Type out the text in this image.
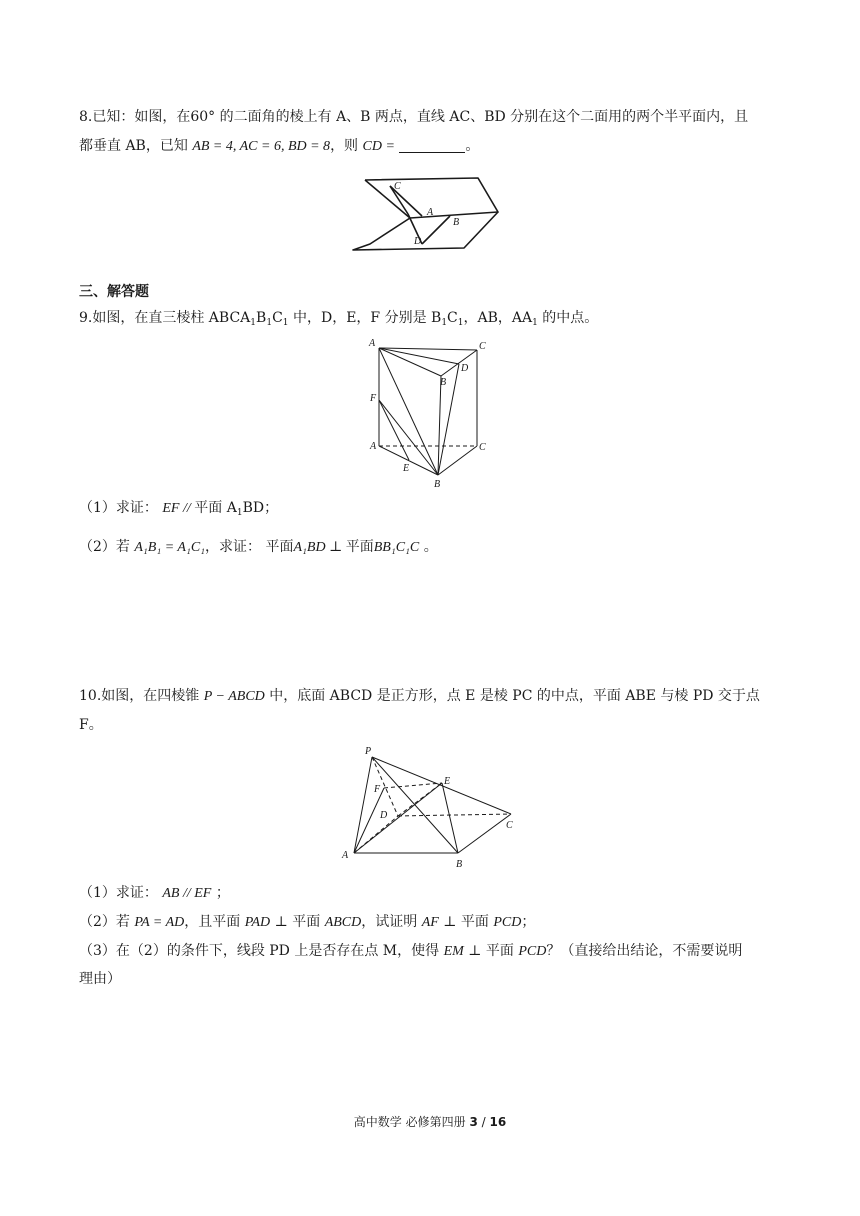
8.已知：如图，在60° 的二面角的棱上有 A、B 两点，直线 AC、BD 分别在这个二面用的两个半平面内，且
都垂直 AB，已知 AB = 4, AC = 6, BD = 8，则 CD =	。
C
A
B
D
三、解答题
9.如图，在直三棱柱 $ABCA_1B_1C_1$ 中，D，E，F 分别是 $B_1C_1$，AB，$AA_1$ 的中点。
A	C
D
B
F
A	C
E
B
（1）求证： EF // 平面 $A_1BD$；
（2）若 A₁B₁ = A₁C₁，求证： 平面A₁BD ⊥ 平面BB₁C₁C 。
10.如图，在四棱锥 P − ABCD 中，底面 ABCD 是正方形，点 E 是棱 PC 的中点，平面 ABE 与棱 PD 交于点
F。
P
F
E
D
C
A
B
（1）求证： AB // EF ；
（2）若 PA = AD，且平面 PAD ⊥ 平面 ABCD，试证明 AF ⊥ 平面 PCD；
（3）在（2）的条件下，线段 PD 上是否存在点 M，使得 EM ⊥ 平面 PCD？（直接给出结论，不需要说明
理由）
高中数学 必修第四册 3 / 16
